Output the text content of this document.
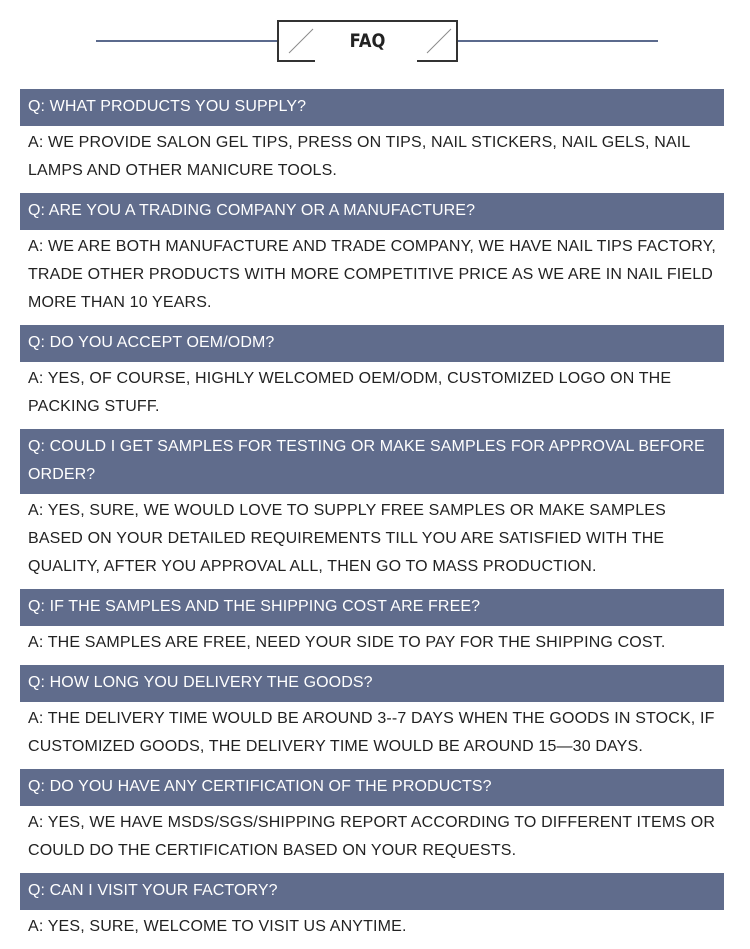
FAQ
Q: WHAT PRODUCTS YOU SUPPLY?
A: WE PROVIDE SALON GEL TIPS, PRESS ON TIPS, NAIL STICKERS, NAIL GELS, NAIL LAMPS AND OTHER MANICURE TOOLS.
Q: ARE YOU A TRADING COMPANY OR A MANUFACTURE?
A: WE ARE BOTH MANUFACTURE AND TRADE COMPANY, WE HAVE NAIL TIPS FACTORY, TRADE OTHER PRODUCTS WITH MORE COMPETITIVE PRICE AS WE ARE IN NAIL FIELD MORE THAN 10 YEARS.
Q: DO YOU ACCEPT OEM/ODM?
A: YES, OF COURSE, HIGHLY WELCOMED OEM/ODM, CUSTOMIZED LOGO ON THE PACKING STUFF.
Q: COULD I GET SAMPLES FOR TESTING OR MAKE SAMPLES FOR APPROVAL BEFORE ORDER?
A: YES, SURE, WE WOULD LOVE TO SUPPLY FREE SAMPLES OR MAKE SAMPLES BASED ON YOUR DETAILED REQUIREMENTS TILL YOU ARE SATISFIED WITH THE QUALITY, AFTER YOU APPROVAL ALL, THEN GO TO MASS PRODUCTION.
Q: IF THE SAMPLES AND THE SHIPPING COST ARE FREE?
A: THE SAMPLES ARE FREE, NEED YOUR SIDE TO PAY FOR THE SHIPPING COST.
Q: HOW LONG YOU DELIVERY THE GOODS?
A: THE DELIVERY TIME WOULD BE AROUND 3--7 DAYS WHEN THE GOODS IN STOCK, IF CUSTOMIZED GOODS, THE DELIVERY TIME WOULD BE AROUND 15—30 DAYS.
Q: DO YOU HAVE ANY CERTIFICATION OF THE PRODUCTS?
A: YES, WE HAVE MSDS/SGS/SHIPPING REPORT ACCORDING TO DIFFERENT ITEMS OR COULD DO THE CERTIFICATION BASED ON YOUR REQUESTS.
Q: CAN I VISIT YOUR FACTORY?
A: YES, SURE, WELCOME TO VISIT US ANYTIME.
